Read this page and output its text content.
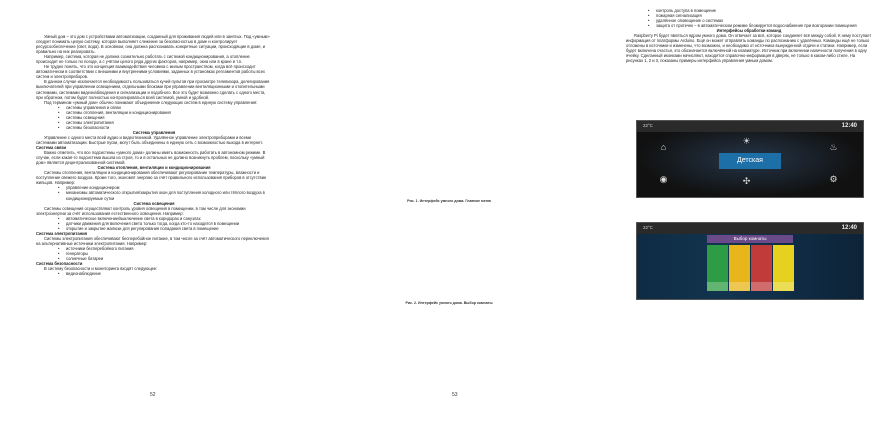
Умный дом – это дом с устройствами автоматизации, созданный для проживания людей или в занятых. Под «умным» следует понимать целую систему, которая выполняет слежение за безопасностью в доме и контролирует ресурсообеспечение (свет, вода). В основном, она должна распознавать конкретные ситуации, происходящие в доме, и правильно на них реагировать.

Например, система, которая не должна сознательно работать с системой кондиционирования, а отопление происходит не только по погоде, а с учётом целого ряда других факторов, например, окна или в кране и т.п.

Не трудно понять, что это концепция взаимодействия человека с жилым пространством, когда всё происходит автоматически в соответствии с внешними и внутренними условиями, заданных в установках регламентов работы всех систем и электроприборов.

В данном случае исключается необходимость пользоваться кучей пультов при просмотре телевизора, делегирования выключателей при управлении освещением, отдельными блоками при управлении вентиляционными и отопительными системами, системами видеонаблюдения и сигнализации и подобного. Все это будет возможно сделать с одного места, при обратном, потом будет полностью контролироваться всей системой, умной и удобной.

Под термином «умный дом» обычно понимают объединение следующих систем в единую систему управления:

• системы управления и связи
• системы отопления, вентиляции и кондиционирования
• системы освещения
• системы электропитания
• системы безопасности

Система управления

Управление с одного места всей аудио и видеотехникой. Удалённое управление электроприборами и всеми системами автоматизации. Быстрые пуски, могут быть объединены в единую сеть с возможностью выхода в интернет.

Система связи

Важно отметить, что все подсистемы «умного дома» должны иметь возможность работать в автономном режиме. В случае, если какая-то подсистема вышла из строя, то и в остальных не должно возникнуть проблем, поскольку «умный дом» является децентрализованной системой.

Система отопления, вентиляции и кондиционирования

Системы отопления, вентиляции и кондиционирования обеспечивают регулирование температуры, влажности и поступление свежего воздуха. Кроме того, экономят энергию за счёт правильного использования приборов в отсутствие жильцов. Например:

• управление кондиционером
• механизмы автоматического открытия/закрытия окон для поступления холодного или тёплого воздуха в кондиционируемые сутки

Система освещения

Системы освещения осуществляют контроль уровня освещения в помещении, в том числе для экономии электроэнергии за счёт использования естественного освещения. Например:

• автоматическое включение/выключение света в коридорах и санузлах
• датчики движения для включения света только тогда, когда кто-то находится в помещении
• открытие и закрытие жалюзи для регулирования попадания света в помещение

Система электропитания

Системы электропитания обеспечивают бесперебойное питание, в том числе за счёт автоматического переключения на альтернативные источники электропитания. Например:

• источники бесперебойного питания
• генераторы
• солнечные батареи

Система безопасности

В систему безопасности и мониторинга входят следующее:

• видеонаблюдение
52
• контроль доступа в помещение
• пожарная сигнализация
• удалённое оповещение о системах
• защита от протечек – в автоматическом режиме блокируется водоснабжение при возгорании помещения

Интерфейсы обработки команд

Raspberry Pi будет являться ядром умного дома. Он отвечает за всё, которое соединяет всё между собой. К нему поступает информация от платформы Arduino. Ещё он может отправлять команды по распознанию с удалённых. Команды ещё не только отложены в источники и изменены, что возможно, и необходимо от источника вынужденной отдачи и статики. Например, если будет включена счастья, это обозначается включённой на клавиатуре. Источник при включении наличности получения в одну ячейку. Сделанный иконками начисляют, находятся справочно-информация в дверях, не только в каком-либо стиле. На рисунках 1, 2 и 3, показаны примеры интерфейса управления умным домом.

22°C	12:40
⌂
◉
☀
✣
♨
⚙
Детская
Рис. 1. Интерфейс умного дома. Главное меню
22°C	12:40
Выбор комнаты
Рис. 2. Интерфейс умного дома. Выбор комнаты
53
